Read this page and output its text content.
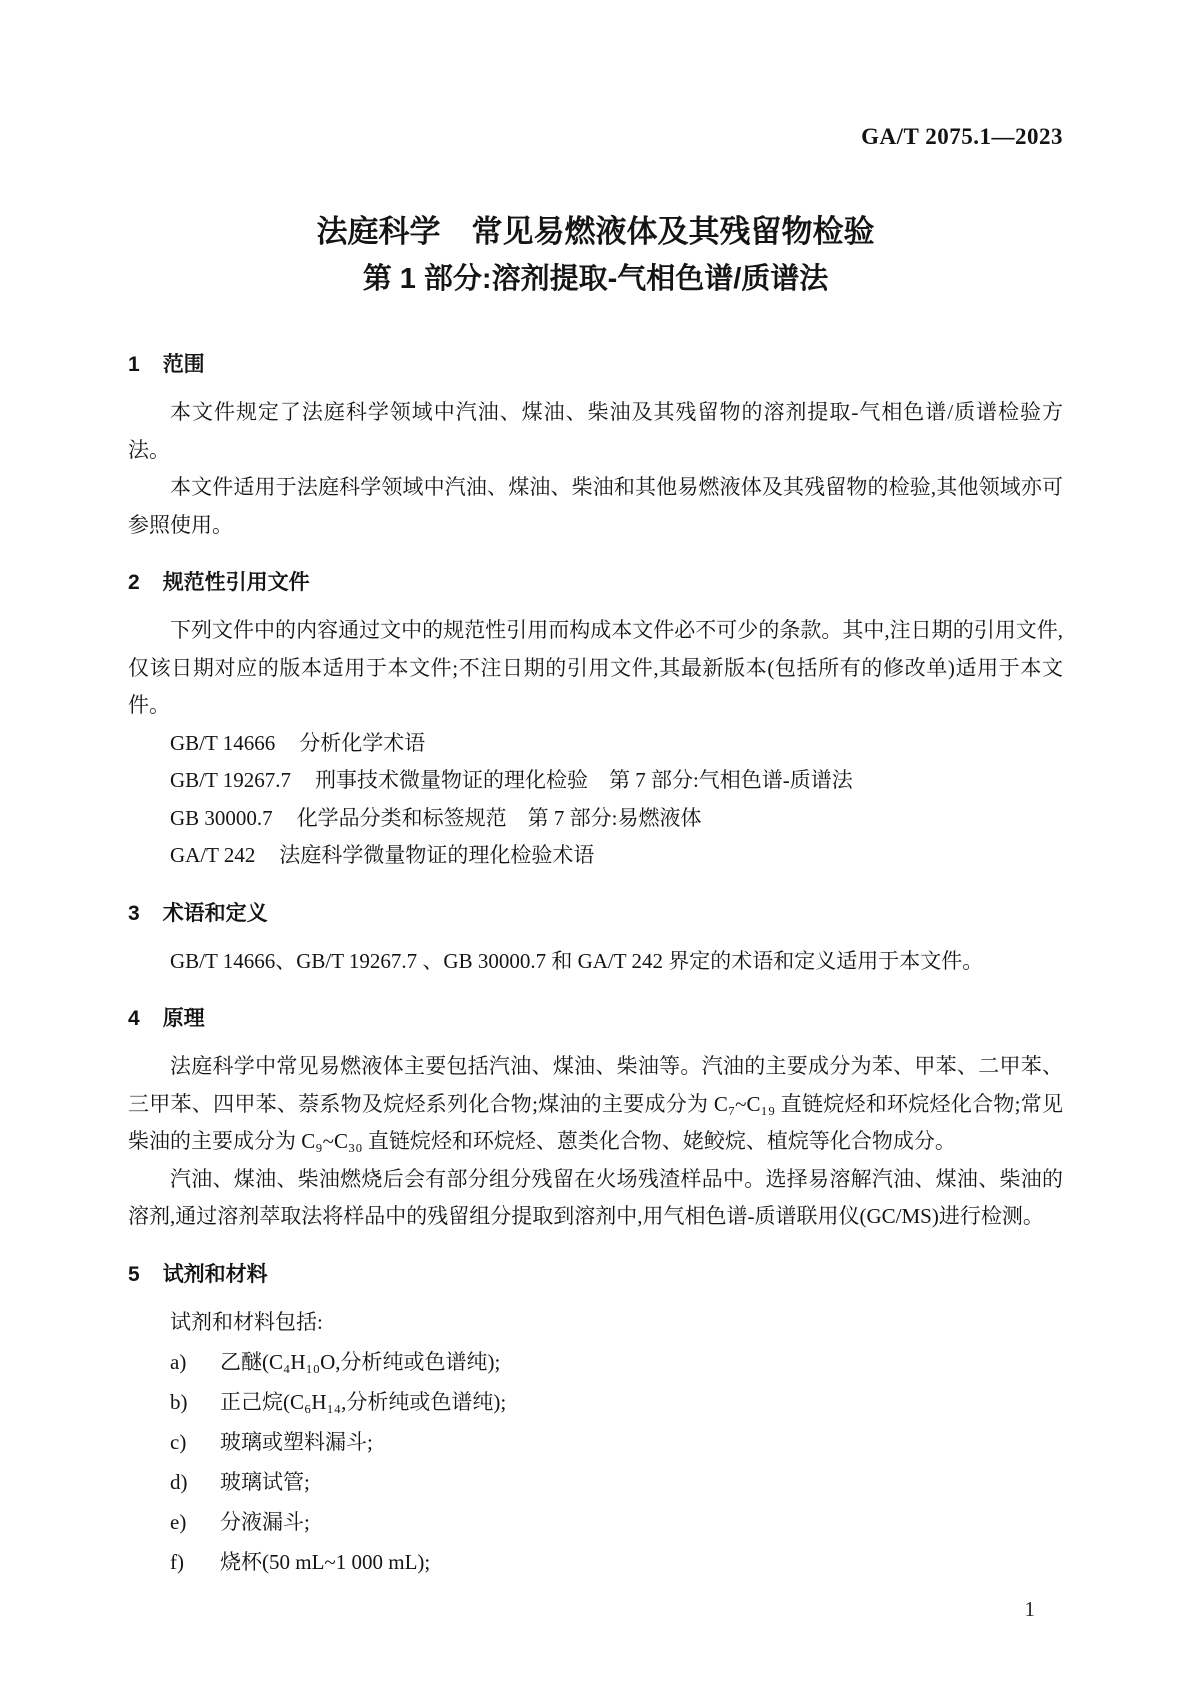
GA/T 2075.1—2023
法庭科学　常见易燃液体及其残留物检验
第 1 部分:溶剂提取-气相色谱/质谱法
1 范围

本文件规定了法庭科学领域中汽油、煤油、柴油及其残留物的溶剂提取-气相色谱/质谱检验方法。

本文件适用于法庭科学领域中汽油、煤油、柴油和其他易燃液体及其残留物的检验,其他领域亦可参照使用。

2 规范性引用文件

下列文件中的内容通过文中的规范性引用而构成本文件必不可少的条款。其中,注日期的引用文件,仅该日期对应的版本适用于本文件;不注日期的引用文件,其最新版本(包括所有的修改单)适用于本文件。

GB/T 14666 分析化学术语
GB/T 19267.7 刑事技术微量物证的理化检验　第 7 部分:气相色谱-质谱法
GB 30000.7 化学品分类和标签规范　第 7 部分:易燃液体
GA/T 242 法庭科学微量物证的理化检验术语
3 术语和定义

GB/T 14666、GB/T 19267.7 、GB 30000.7 和 GA/T 242 界定的术语和定义适用于本文件。

4 原理

法庭科学中常见易燃液体主要包括汽油、煤油、柴油等。汽油的主要成分为苯、甲苯、二甲苯、三甲苯、四甲苯、萘系物及烷烃系列化合物;煤油的主要成分为 C₇~C₁₉ 直链烷烃和环烷烃化合物;常见柴油的主要成分为 C₉~C₃₀ 直链烷烃和环烷烃、蒽类化合物、姥鲛烷、植烷等化合物成分。

汽油、煤油、柴油燃烧后会有部分组分残留在火场残渣样品中。选择易溶解汽油、煤油、柴油的溶剂,通过溶剂萃取法将样品中的残留组分提取到溶剂中,用气相色谱-质谱联用仪(GC/MS)进行检测。

5 试剂和材料

试剂和材料包括:

a) 乙醚(C₄H₁₀O,分析纯或色谱纯);
b) 正己烷(C₆H₁₄,分析纯或色谱纯);
c) 玻璃或塑料漏斗;
d) 玻璃试管;
e) 分液漏斗;
f) 烧杯(50 mL~1 000 mL);
1
